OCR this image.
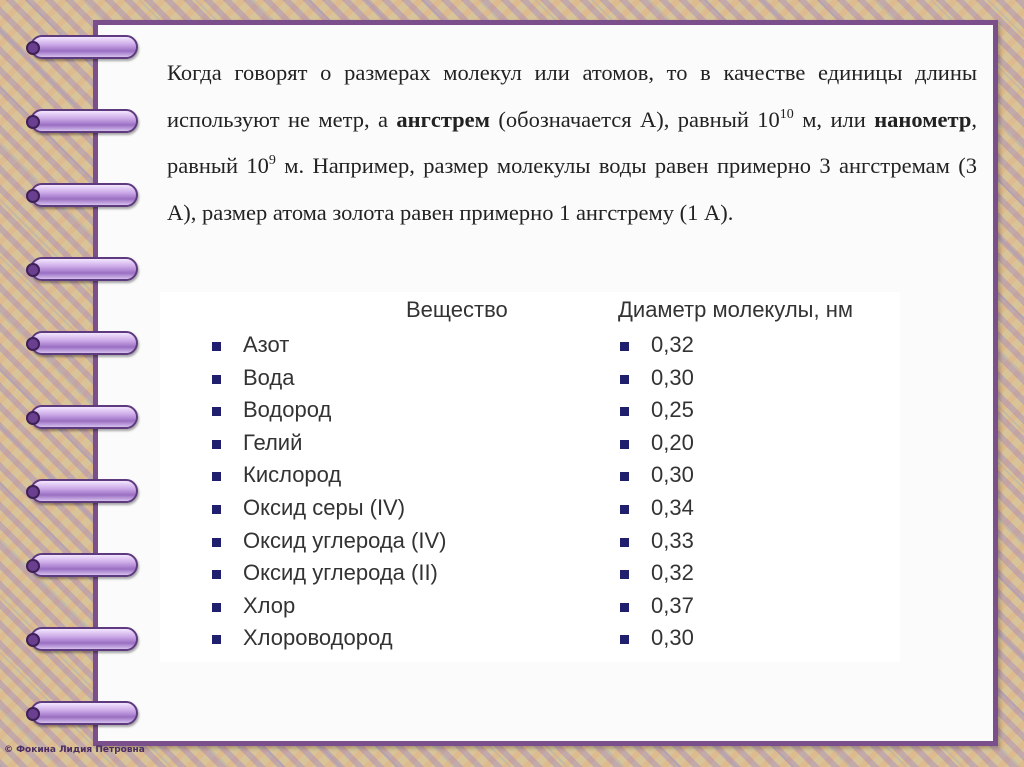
Когда говорят о размерах молекул или атомов, то в качестве единицы длины используют не метр, а ангстрем (обозначается А), равный $10^{10}$ м, или нанометр, равный $10^9$ м. Например, размер молекулы воды равен примерно 3 ангстремам (3 А), размер атома золота равен примерно 1 ангстрему (1 А).

Вещество	Диаметр молекулы, нм
Азот	0,32
Вода	0,30
Водород	0,25
Гелий	0,20
Кислород	0,30
Оксид серы (IV)	0,34
Оксид углерода (IV)	0,33
Оксид углерода (II)	0,32
Хлор	0,37
Хлороводород	0,30
© Фокина Лидия Петровна
